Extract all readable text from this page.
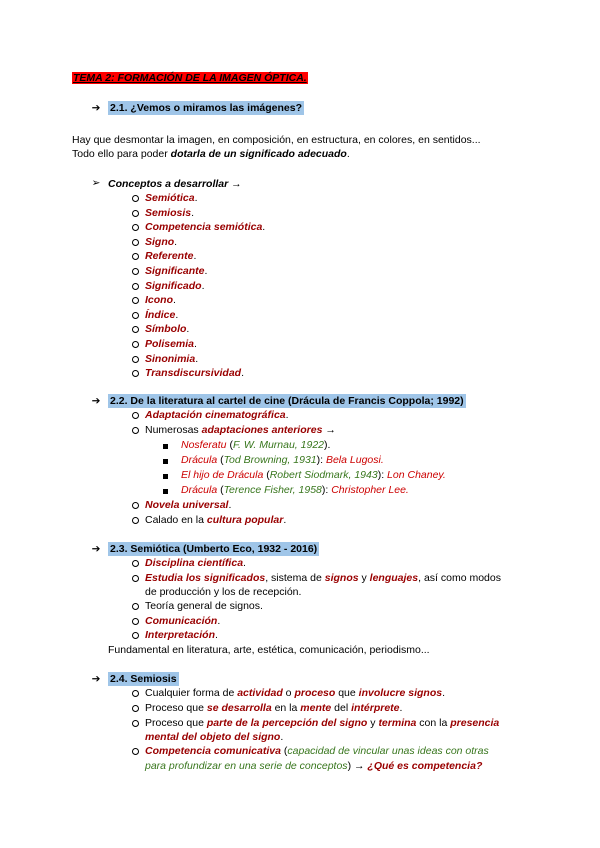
TEMA 2: FORMACIÓN DE LA IMAGEN ÓPTICA.
➔ 2.1. ¿Vemos o miramos las imágenes?
Hay que desmontar la imagen, en composición, en estructura, en colores, en sentidos...
Todo ello para poder dotarla de un significado adecuado.
➢ Conceptos a desarrollar →
Semiótica.
Semiosis.
Competencia semiótica.
Signo.
Referente.
Significante.
Significado.
Icono.
Índice.
Símbolo.
Polisemia.
Sinonimia.
Transdiscursividad.
➔ 2.2. De la literatura al cartel de cine (Drácula de Francis Coppola; 1992)
Adaptación cinematográfica.
Numerosas adaptaciones anteriores →
Nosferatu (F. W. Murnau, 1922).
Drácula (Tod Browning, 1931): Bela Lugosi.
El hijo de Drácula (Robert Siodmark, 1943): Lon Chaney.
Drácula (Terence Fisher, 1958): Christopher Lee.
Novela universal.
Calado en la cultura popular.
➔ 2.3. Semiótica (Umberto Eco, 1932 - 2016)
Disciplina científica.
Estudia los significados, sistema de signos y lenguajes, así como modos
de producción y los de recepción.
Teoría general de signos.
Comunicación.
Interpretación.
Fundamental en literatura, arte, estética, comunicación, periodismo...
➔ 2.4. Semiosis
Cualquier forma de actividad o proceso que involucre signos.
Proceso que se desarrolla en la mente del intérprete.
Proceso que parte de la percepción del signo y termina con la presencia
mental del objeto del signo.
Competencia comunicativa (capacidad de vincular unas ideas con otras
para profundizar en una serie de conceptos) → ¿Qué es competencia?
